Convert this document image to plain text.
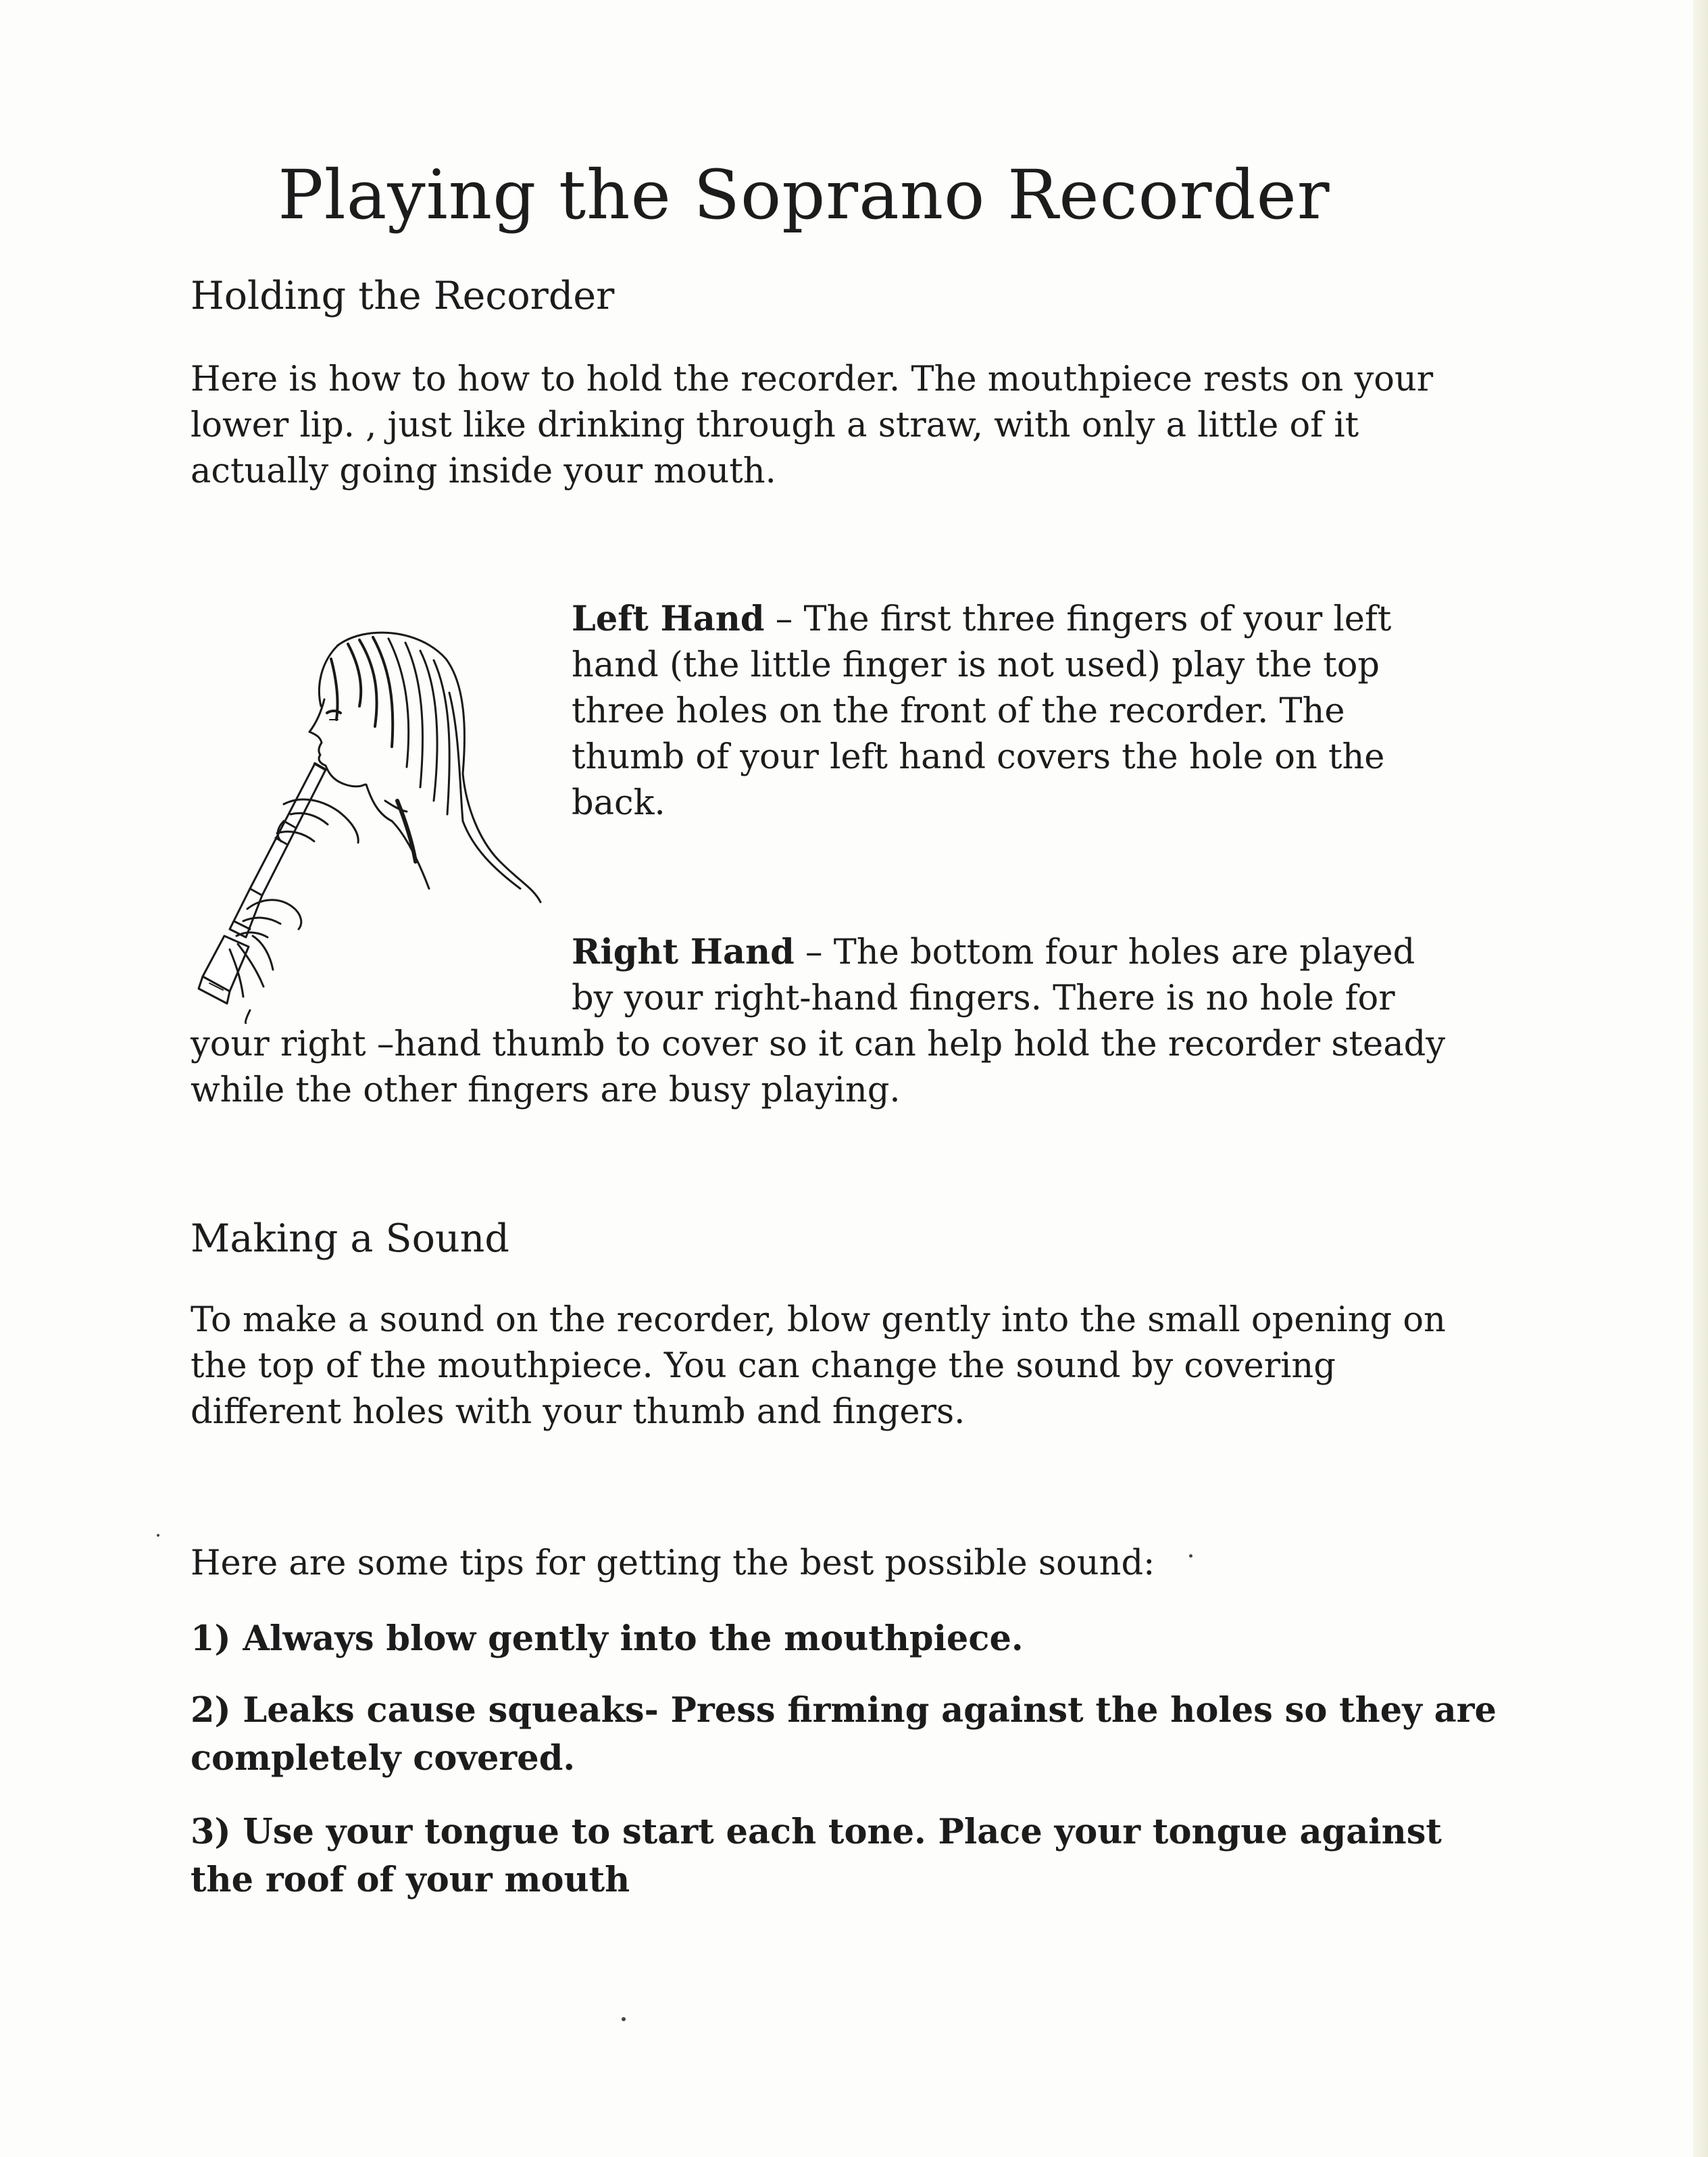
Playing the Soprano Recorder
Holding the Recorder
Here is how to how to hold the recorder. The mouthpiece rests on your
lower lip. , just like drinking through a straw, with only a little of it
actually going inside your mouth.
Left Hand – The first three fingers of your left
hand (the little finger is not used) play the top
three holes on the front of the recorder. The
thumb of your left hand covers the hole on the
back.
Right Hand – The bottom four holes are played
by your right-hand fingers. There is no hole for
your right –hand thumb to cover so it can help hold the recorder steady
while the other fingers are busy playing.
Making a Sound
To make a sound on the recorder, blow gently into the small opening on
the top of the mouthpiece. You can change the sound by covering
different holes with your thumb and fingers.
Here are some tips for getting the best possible sound:
1) Always blow gently into the mouthpiece.
2) Leaks cause squeaks- Press firming against the holes so they are
completely covered.
3) Use your tongue to start each tone. Place your tongue against
the roof of your mouth
